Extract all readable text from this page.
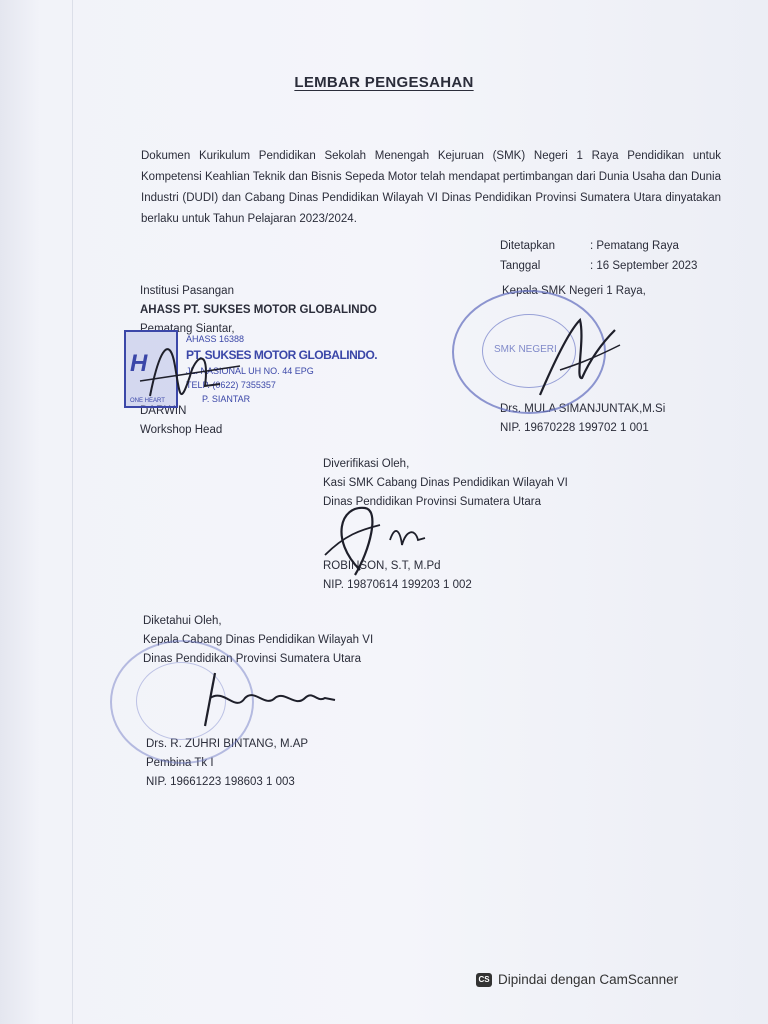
LEMBAR PENGESAHAN
Dokumen Kurikulum Pendidikan Sekolah Menengah Kejuruan (SMK) Negeri 1 Raya Pendidikan untuk Kompetensi Keahlian Teknik dan Bisnis Sepeda Motor telah mendapat pertimbangan dari Dunia Usaha dan Dunia Industri (DUDI) dan Cabang Dinas Pendidikan Wilayah VI Dinas Pendidikan Provinsi Sumatera Utara dinyatakan berlaku untuk Tahun Pelajaran 2023/2024.
Ditetapkan	: Pematang Raya
Tanggal	: 16 September 2023
Institusi Pasangan
AHASS PT. SUKSES MOTOR GLOBALINDO
Pematang Siantar,
DARWIN
Workshop Head
H
ONE HEART
AHASS 16388
PT. SUKSES MOTOR GLOBALINDO.
JL. NASIONAL UH NO. 44 EPG
TELP. (0622) 7355357
P. SIANTAR
Kepala SMK Negeri 1 Raya,
Drs. MULA SIMANJUNTAK,M.Si
NIP. 19670228 199702 1 001
SMK NEGERI
Diverifikasi Oleh,
Kasi SMK Cabang Dinas Pendidikan Wilayah VI
Dinas Pendidikan Provinsi Sumatera Utara
ROBINSON, S.T, M.Pd
NIP. 19870614 199203 1 002
Diketahui Oleh,
Kepala Cabang Dinas Pendidikan Wilayah VI
Dinas Pendidikan Provinsi Sumatera Utara
Drs. R. ZUHRI BINTANG, M.AP
Pembina Tk I
NIP. 19661223 198603 1 003
CS Dipindai dengan CamScanner
